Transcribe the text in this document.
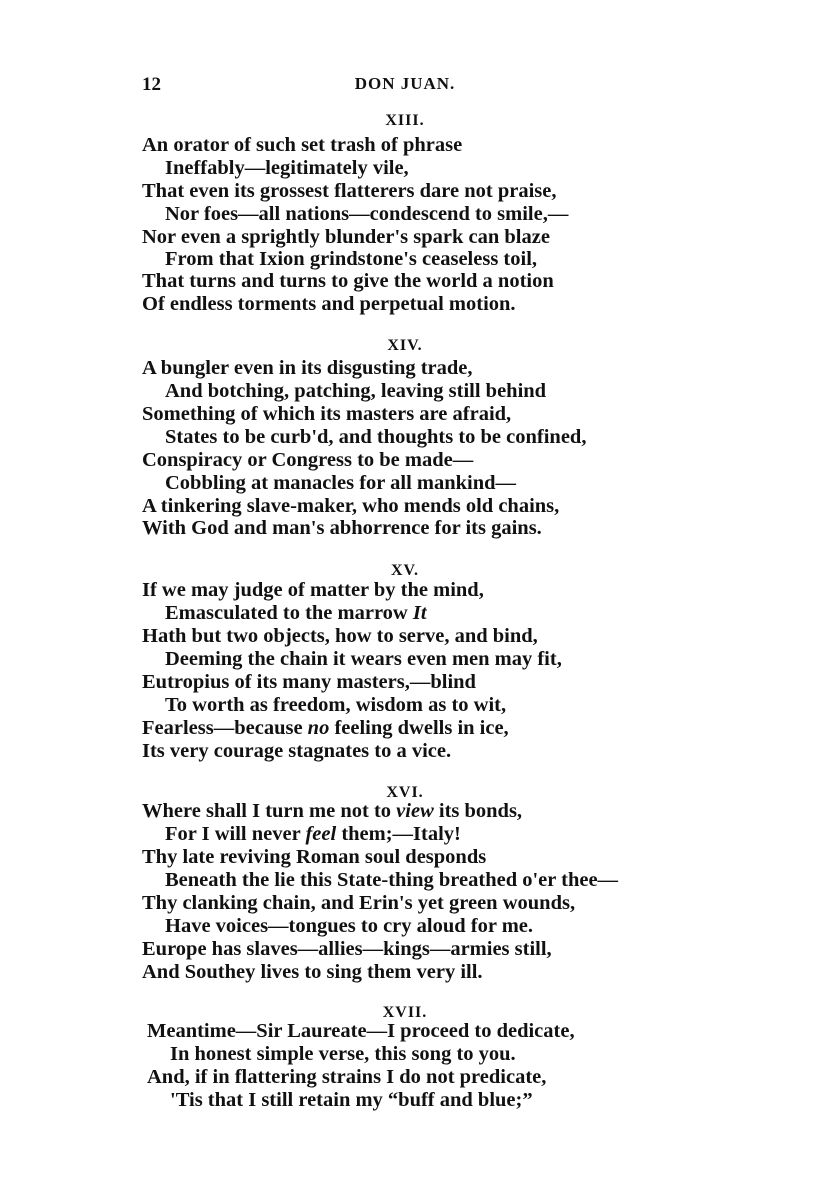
12	DON JUAN.
XIII.
An orator of such set trash of phrase
Ineffably—legitimately vile,
That even its grossest flatterers dare not praise,
Nor foes—all nations—condescend to smile,—
Nor even a sprightly blunder's spark can blaze
From that Ixion grindstone's ceaseless toil,
That turns and turns to give the world a notion
Of endless torments and perpetual motion.
XIV.
A bungler even in its disgusting trade,
And botching, patching, leaving still behind
Something of which its masters are afraid,
States to be curb'd, and thoughts to be confined,
Conspiracy or Congress to be made—
Cobbling at manacles for all mankind—
A tinkering slave-maker, who mends old chains,
With God and man's abhorrence for its gains.
XV.
If we may judge of matter by the mind,
Emasculated to the marrow It
Hath but two objects, how to serve, and bind,
Deeming the chain it wears even men may fit,
Eutropius of its many masters,—blind
To worth as freedom, wisdom as to wit,
Fearless—because no feeling dwells in ice,
Its very courage stagnates to a vice.
XVI.
Where shall I turn me not to view its bonds,
For I will never feel them;—Italy!
Thy late reviving Roman soul desponds
Beneath the lie this State-thing breathed o'er thee—
Thy clanking chain, and Erin's yet green wounds,
Have voices—tongues to cry aloud for me.
Europe has slaves—allies—kings—armies still,
And Southey lives to sing them very ill.
XVII.
Meantime—Sir Laureate—I proceed to dedicate,
In honest simple verse, this song to you.
And, if in flattering strains I do not predicate,
'Tis that I still retain my “buff and blue;”
